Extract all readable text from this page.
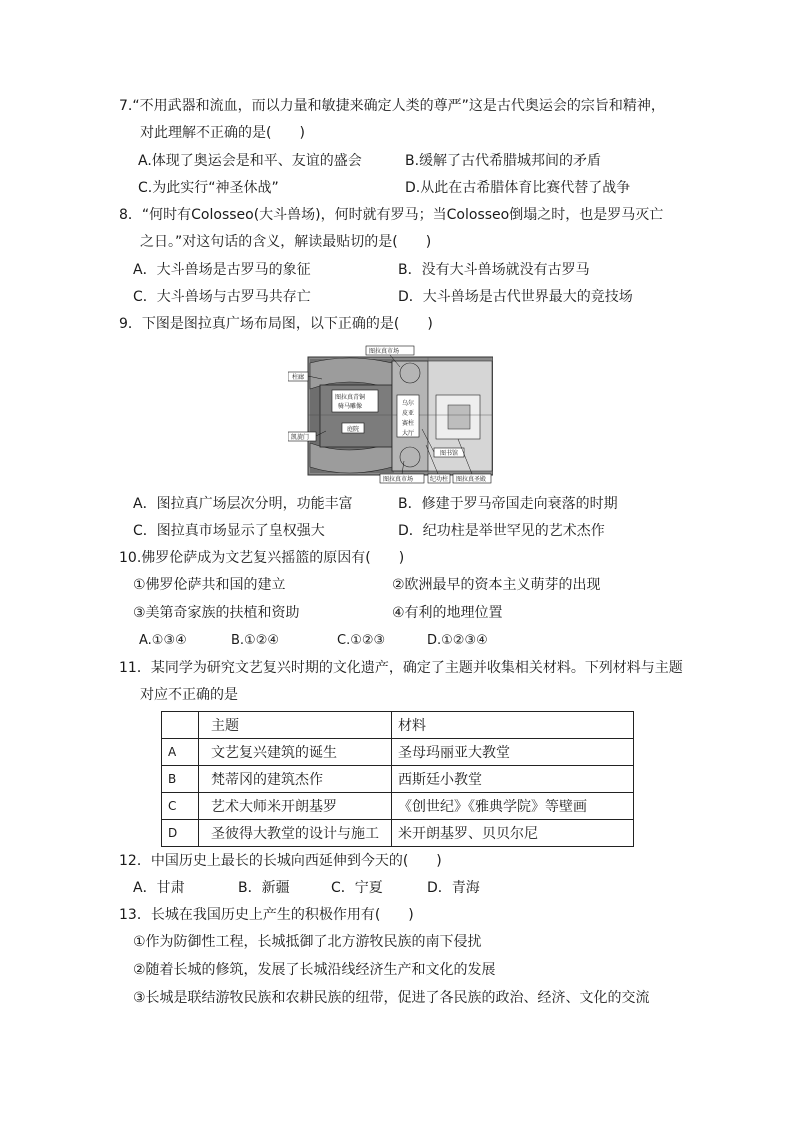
7.“不用武器和流血，而以力量和敏捷来确定人类的尊严”这是古代奥运会的宗旨和精神，
对此理解不正确的是(　　)
A.体现了奥运会是和平、友谊的盛会	B.缓解了古代希腊城邦间的矛盾
C.为此实行“神圣休战”	D.从此在古希腊体育比赛代替了战争
8．“何时有Colosseo(大斗兽场)，何时就有罗马；当Colosseo倒塌之时，也是罗马灭亡
之日。”对这句话的含义，解读最贴切的是(　　)
A．大斗兽场是古罗马的象征	B．没有大斗兽场就没有古罗马
C．大斗兽场与古罗马共存亡	D．大斗兽场是古代世界最大的竞技场
9．下图是图拉真广场布局图，以下正确的是(　　)
图拉真市场
柱廊
图拉真青铜
骑马雕像
庭院
乌尔
皮亚
赛柱
大厅
凯旋门
图书馆
图拉真市场	纪功柱 图拉真圣殿
A．图拉真广场层次分明，功能丰富	B．修建于罗马帝国走向衰落的时期
C．图拉真市场显示了皇权强大	D．纪功柱是举世罕见的艺术杰作
10.佛罗伦萨成为文艺复兴摇篮的原因有(　　)
①佛罗伦萨共和国的建立	②欧洲最早的资本主义萌芽的出现
③美第奇家族的扶植和资助	④有利的地理位置
A.①③④	B.①②④	C.①②③	D.①②③④
11．某同学为研究文艺复兴时期的文化遗产，确定了主题并收集相关材料。下列材料与主题
对应不正确的是
	主题	材料
A	文艺复兴建筑的诞生	圣母玛丽亚大教堂
B	梵蒂冈的建筑杰作	西斯廷小教堂
C	艺术大师米开朗基罗	《创世纪》《雅典学院》等壁画
D	圣彼得大教堂的设计与施工	米开朗基罗、贝贝尔尼
12．中国历史上最长的长城向西延伸到今天的(　　)
A．甘肃	B．新疆	C．宁夏	D．青海
13．长城在我国历史上产生的积极作用有(　　)
①作为防御性工程，长城抵御了北方游牧民族的南下侵扰
②随着长城的修筑，发展了长城沿线经济生产和文化的发展
③长城是联结游牧民族和农耕民族的纽带，促进了各民族的政治、经济、文化的交流
